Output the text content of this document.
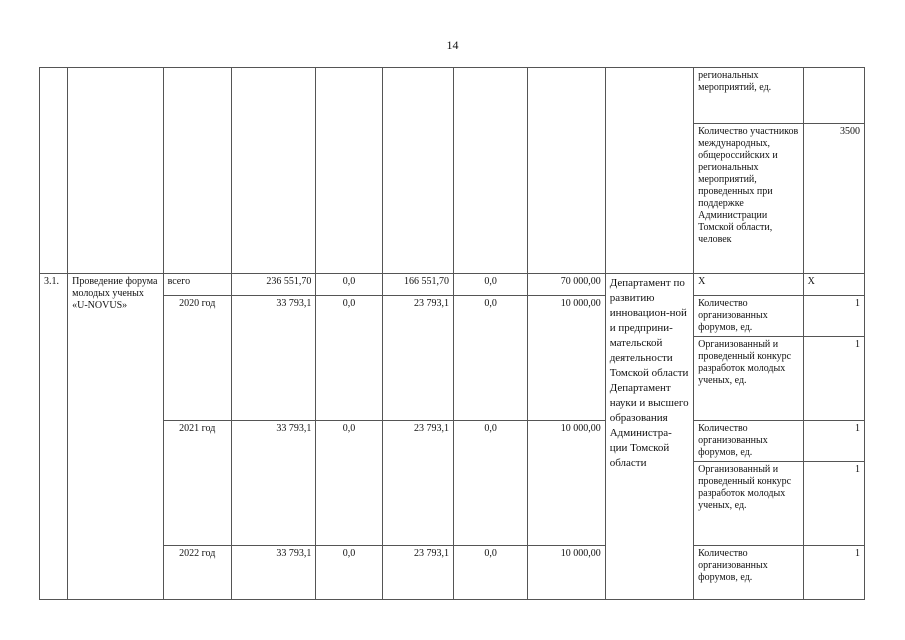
14
									региональных мероприятий, ед.	
									Количество участников международных, общероссийских и региональных мероприятий, проведенных при поддержке Администрации Томской области, человек	3500
3.1.	Проведение форума молодых ученых «U-NOVUS»	всего	236 551,70	0,0	166 551,70	0,0	70 000,00	Департамент по развитию инновацион-ной и предприни-мательской деятельности Томской области Департамент науки и высшего образования Администра-ции Томской области	X	X
		2020 год	33 793,1	0,0	23 793,1	0,0	10 000,00		Количество организованных форумов, ед.	1
									Организованный и проведенный конкурс разработок молодых ученых, ед.	1
		2021 год	33 793,1	0,0	23 793,1	0,0	10 000,00		Количество организованных форумов, ед.	1
									Организованный и проведенный конкурс разработок молодых ученых, ед.	1
		2022 год	33 793,1	0,0	23 793,1	0,0	10 000,00		Количество организованных форумов, ед.	1
